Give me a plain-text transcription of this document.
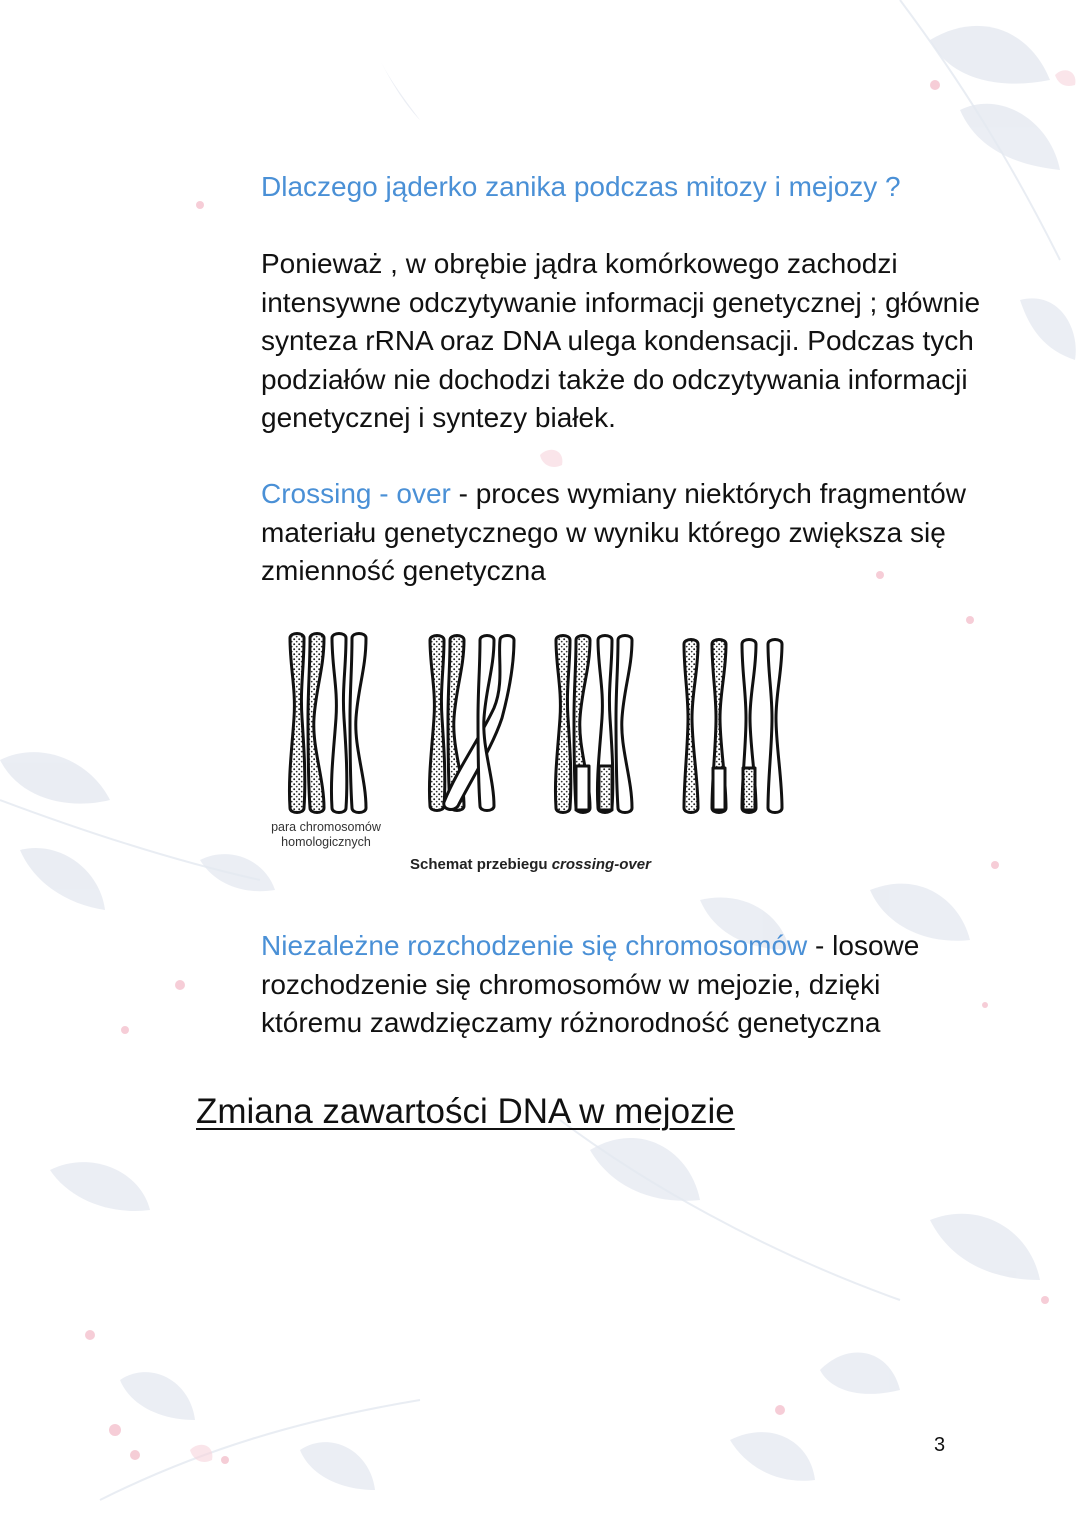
Dlaczego jąderko zanika podczas mitozy i mejozy ?

Ponieważ , w obrębie jądra komórkowego zachodzi intensywne odczytywanie informacji genetycznej ; głównie synteza rRNA oraz DNA ulega kondensacji. Podczas tych podziałów nie dochodzi także do odczytywania informacji genetycznej i syntezy białek.

Crossing - over - proces wymiany niektórych fragmentów materiału genetycznego w wyniku którego zwiększa się zmienność genetyczna

para chromosomów homologicznych
Schemat przebiegu crossing-over

Niezależne rozchodzenie się chromosomów - losowe rozchodzenie się chromosomów w mejozie, dzięki któremu zawdzięczamy różnorodność genetyczna

Zmiana zawartości DNA w mejozie
3
